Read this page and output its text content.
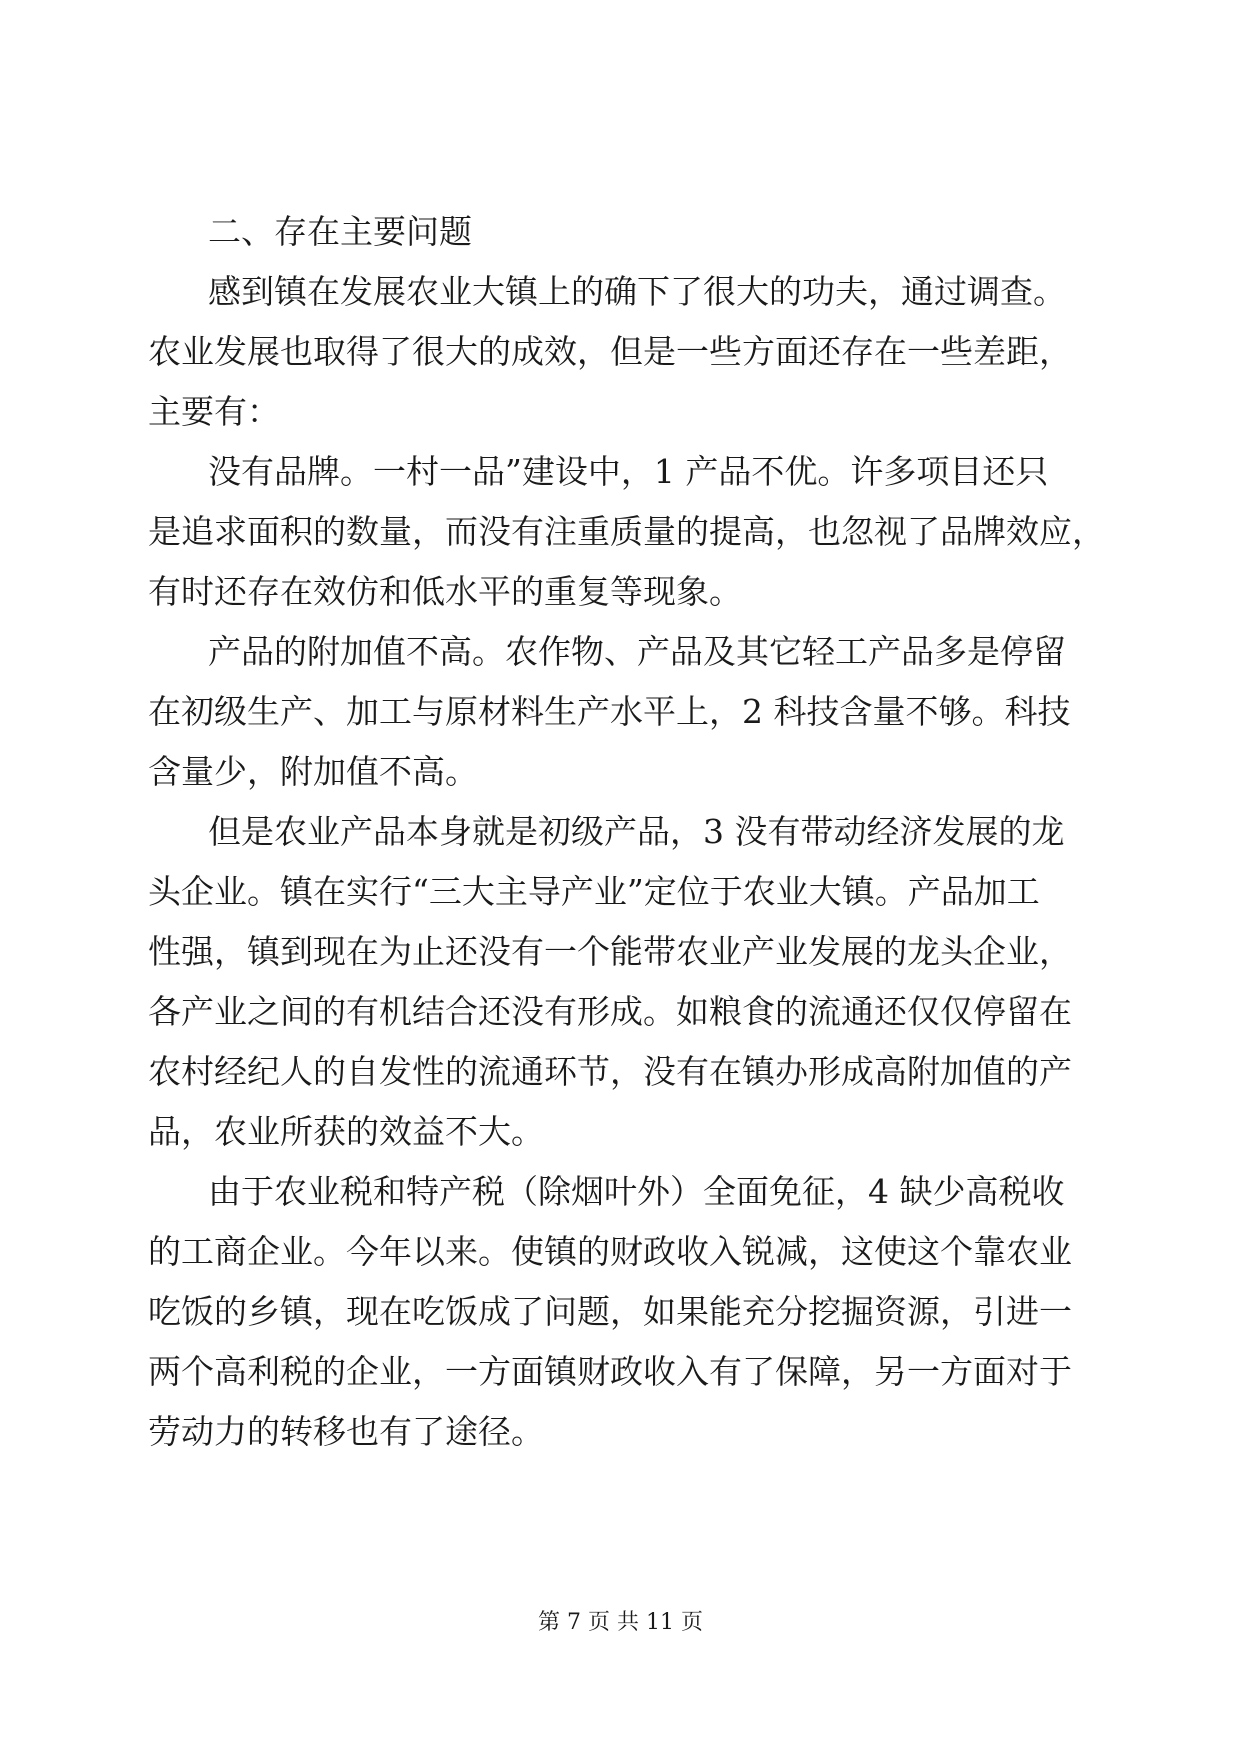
二、存在主要问题
感到镇在发展农业大镇上的确下了很大的功夫，通过调查。
农业发展也取得了很大的成效，但是一些方面还存在一些差距，
主要有：
没有品牌。一村一品”建设中，1 产品不优。许多项目还只
是追求面积的数量，而没有注重质量的提高，也忽视了品牌效应，
有时还存在效仿和低水平的重复等现象。
产品的附加值不高。农作物、产品及其它轻工产品多是停留
在初级生产、加工与原材料生产水平上，2 科技含量不够。科技
含量少，附加值不高。
但是农业产品本身就是初级产品，3 没有带动经济发展的龙
头企业。镇在实行“三大主导产业”定位于农业大镇。产品加工
性强，镇到现在为止还没有一个能带农业产业发展的龙头企业，
各产业之间的有机结合还没有形成。如粮食的流通还仅仅停留在
农村经纪人的自发性的流通环节，没有在镇办形成高附加值的产
品，农业所获的效益不大。
由于农业税和特产税（除烟叶外）全面免征，4 缺少高税收
的工商企业。今年以来。使镇的财政收入锐减，这使这个靠农业
吃饭的乡镇，现在吃饭成了问题，如果能充分挖掘资源，引进一
两个高利税的企业，一方面镇财政收入有了保障，另一方面对于
劳动力的转移也有了途径。
第 7 页 共 11 页
